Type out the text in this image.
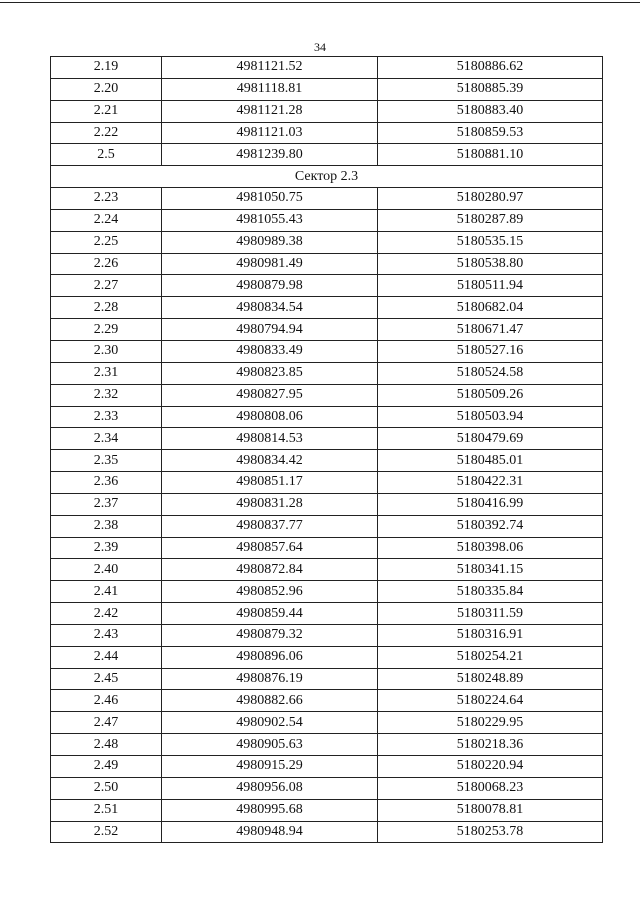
34
2.19	4981121.52	5180886.62
2.20	4981118.81	5180885.39
2.21	4981121.28	5180883.40
2.22	4981121.03	5180859.53
2.5	4981239.80	5180881.10
Сектор 2.3		
2.23	4981050.75	5180280.97
2.24	4981055.43	5180287.89
2.25	4980989.38	5180535.15
2.26	4980981.49	5180538.80
2.27	4980879.98	5180511.94
2.28	4980834.54	5180682.04
2.29	4980794.94	5180671.47
2.30	4980833.49	5180527.16
2.31	4980823.85	5180524.58
2.32	4980827.95	5180509.26
2.33	4980808.06	5180503.94
2.34	4980814.53	5180479.69
2.35	4980834.42	5180485.01
2.36	4980851.17	5180422.31
2.37	4980831.28	5180416.99
2.38	4980837.77	5180392.74
2.39	4980857.64	5180398.06
2.40	4980872.84	5180341.15
2.41	4980852.96	5180335.84
2.42	4980859.44	5180311.59
2.43	4980879.32	5180316.91
2.44	4980896.06	5180254.21
2.45	4980876.19	5180248.89
2.46	4980882.66	5180224.64
2.47	4980902.54	5180229.95
2.48	4980905.63	5180218.36
2.49	4980915.29	5180220.94
2.50	4980956.08	5180068.23
2.51	4980995.68	5180078.81
2.52	4980948.94	5180253.78
